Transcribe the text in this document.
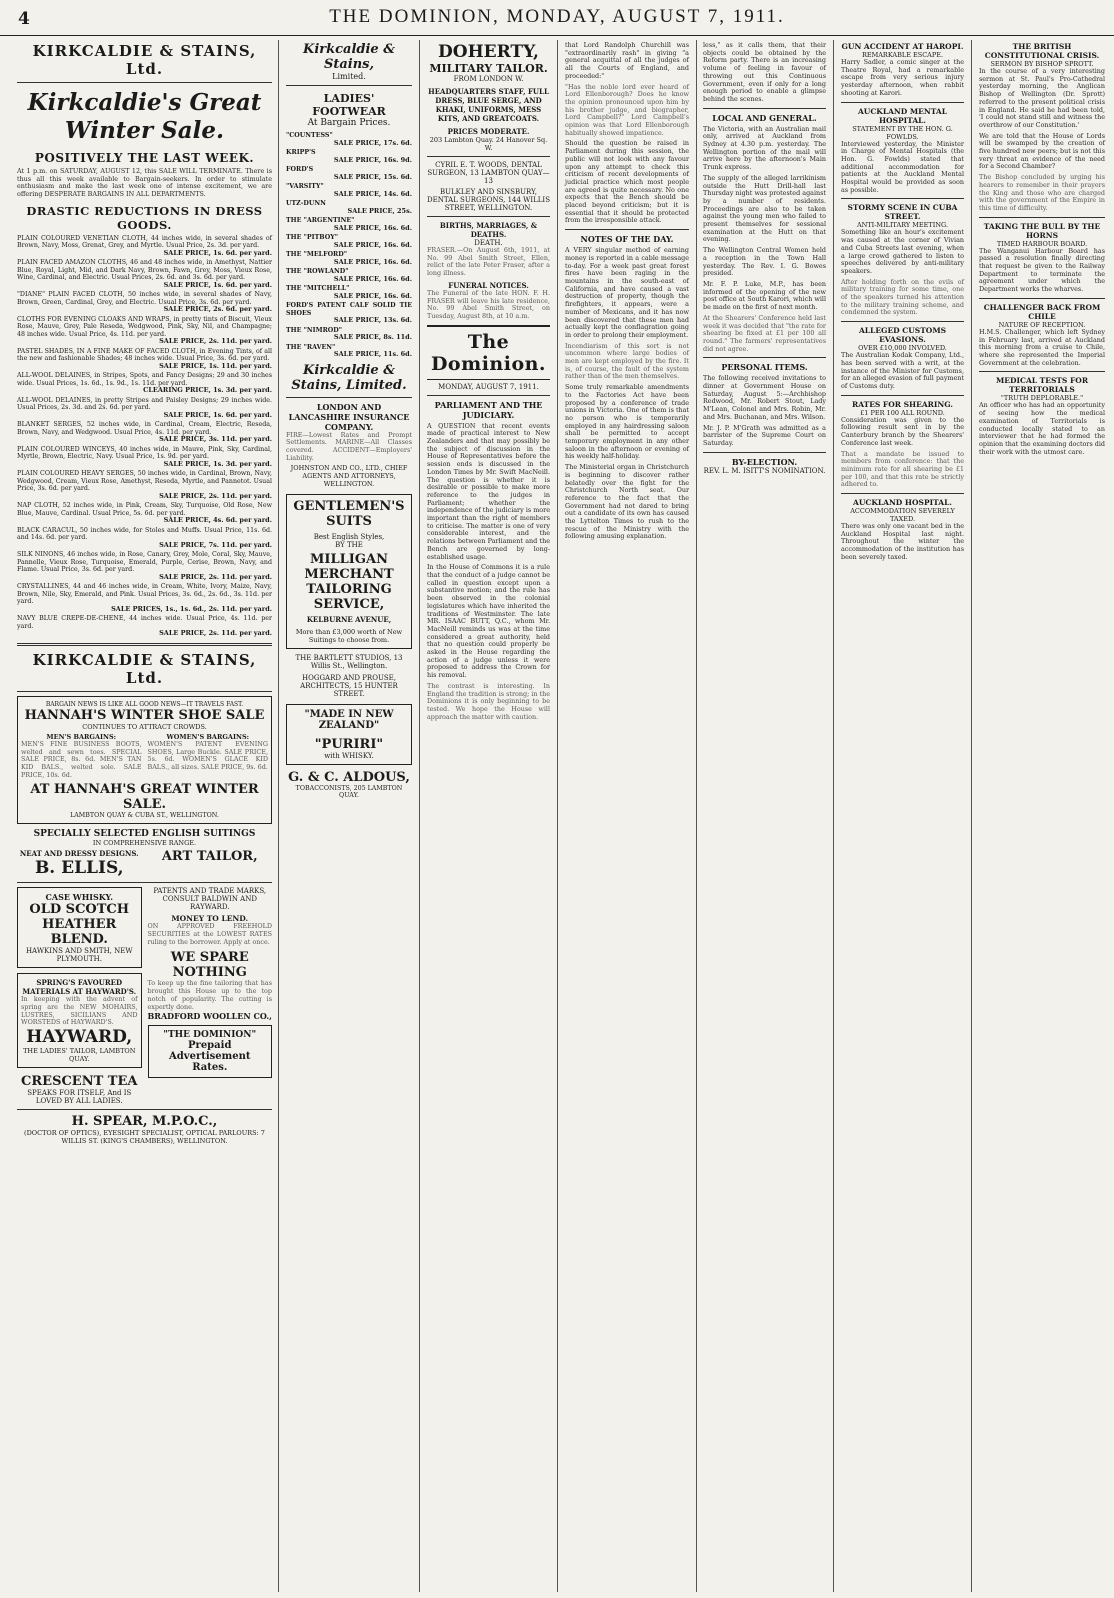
4	THE DOMINION, MONDAY, AUGUST 7, 1911.
KIRKCALDIE & STAINS, Ltd.
Kirkcaldie's Great Winter Sale.
POSITIVELY THE LAST WEEK.
At 1 p.m. on SATURDAY, AUGUST 12, this SALE WILL TERMINATE. There is thus all this week available to Bargain-seekers. In order to stimulate enthusiasm and make the last week one of intense excitement, we are offering DESPERATE BARGAINS IN ALL DEPARTMENTS.
DRASTIC REDUCTIONS IN DRESS GOODS.
PLAIN COLOURED VENETIAN CLOTH, 44 inches wide, in several shades of Brown, Navy, Moss, Grenat, Grey, and Myrtle. Usual Price, 2s. 3d. per yard.
SALE PRICE, 1s. 6d. per yard.
PLAIN FACED AMAZON CLOTHS, 46 and 48 inches wide, in Amethyst, Nattier Blue, Royal, Light, Mid, and Dark Navy, Brown, Fawn, Grey, Moss, Vieux Rose, Wine, Cardinal, and Electric. Usual Prices, 2s. 6d. and 3s. 6d. per yard.
SALE PRICE, 1s. 6d. per yard.
"DIANE" PLAIN FACED CLOTH, 50 inches wide, in several shades of Navy, Brown, Green, Cardinal, Grey, and Electric. Usual Price, 3s. 6d. per yard.
SALE PRICE, 2s. 6d. per yard.
CLOTHS FOR EVENING CLOAKS AND WRAPS, in pretty tints of Biscuit, Vieux Rose, Mauve, Grey, Pale Reseda, Wedgwood, Pink, Sky, Nil, and Champagne; 48 inches wide. Usual Price, 4s. 11d. per yard.
SALE PRICE, 2s. 11d. per yard.
PASTEL SHADES, IN A FINE MAKE OF FACED CLOTH, in Evening Tints, of all the new and fashionable Shades; 48 inches wide. Usual Price, 3s. 6d. per yard.
SALE PRICE, 1s. 11d. per yard.
ALL-WOOL DELAINES, in Stripes, Spots, and Fancy Designs; 29 and 30 inches wide. Usual Prices, 1s. 6d., 1s. 9d., 1s. 11d. per yard.
CLEARING PRICE, 1s. 3d. per yard.
ALL-WOOL DELAINES, in pretty Stripes and Paisley Designs; 29 inches wide. Usual Prices, 2s. 3d. and 2s. 6d. per yard.
SALE PRICE, 1s. 6d. per yard.
BLANKET SERGES, 52 inches wide, in Cardinal, Cream, Electric, Reseda, Brown, Navy, and Wedgwood. Usual Price, 4s. 11d. per yard.
SALE PRICE, 3s. 11d. per yard.
PLAIN COLOURED WINCEYS, 40 inches wide, in Mauve, Pink, Sky, Cardinal, Myrtle, Brown, Electric, Navy. Usual Price, 1s. 9d. per yard.
SALE PRICE, 1s. 3d. per yard.
PLAIN COLOURED HEAVY SERGES, 50 inches wide, in Cardinal, Brown, Navy, Wedgwood, Cream, Vieux Rose, Amethyst, Reseda, Myrtle, and Pannetot. Usual Price, 3s. 6d. per yard.
SALE PRICE, 2s. 11d. per yard.
NAP CLOTH, 52 inches wide, in Pink, Cream, Sky, Turquoise, Old Rose, New Blue, Mauve, Cardinal. Usual Price, 5s. 6d. per yard.
SALE PRICE, 4s. 6d. per yard.
BLACK CARACUL, 50 inches wide, for Stoles and Muffs. Usual Price, 11s. 6d. and 14s. 6d. per yard.
SALE PRICE, 7s. 11d. per yard.
SILK NINONS, 46 inches wide, in Rose, Canary, Grey, Mole, Coral, Sky, Mauve, Pannelle, Vieux Rose, Turquoise, Emerald, Purple, Cerise, Brown, Navy, and Flame. Usual Price, 3s. 6d. per yard.
SALE PRICE, 2s. 11d. per yard.
CRYSTALLINES, 44 and 46 inches wide, in Cream, White, Ivory, Maize, Navy, Brown, Nile, Sky, Emerald, and Pink. Usual Prices, 3s. 6d., 2s. 6d., 3s. 11d. per yard.
SALE PRICES, 1s., 1s. 6d., 2s. 11d. per yard.
NAVY BLUE CREPE-DE-CHENE, 44 inches wide. Usual Price, 4s. 11d. per yard.
SALE PRICE, 2s. 11d. per yard.
KIRKCALDIE & STAINS, Ltd.
BARGAIN NEWS IS LIKE ALL GOOD NEWS—IT TRAVELS FAST.
HANNAH'S WINTER SHOE SALE
CONTINUES TO ATTRACT CROWDS.
MEN'S BARGAINS:
MEN'S FINE BUSINESS BOOTS, welted and sewn toes. SPECIAL SALE PRICE, 8s. 6d. MEN'S TAN KID BALS., welted sole. SALE PRICE, 10s. 6d.
WOMEN'S BARGAINS:
WOMEN'S PATENT EVENING SHOES, Large Buckle. SALE PRICE, 5s. 6d. WOMEN'S GLACE KID BALS., all sizes. SALE PRICE, 9s. 6d.
AT HANNAH'S GREAT WINTER SALE.
LAMBTON QUAY & CUBA ST., WELLINGTON.
SPECIALLY SELECTED ENGLISH SUITINGS
IN COMPREHENSIVE RANGE.
NEAT AND DRESSY DESIGNS.
B. ELLIS,
ART TAILOR,
CASE WHISKY.
OLD SCOTCH HEATHER BLEND.
HAWKINS AND SMITH, NEW PLYMOUTH.
SPRING'S FAVOURED MATERIALS AT HAYWARD'S.
In keeping with the advent of spring are the NEW MOHAIRS, LUSTRES, SICILIANS AND WORSTEDS of HAYWARD'S.
HAYWARD,
THE LADIES' TAILOR, LAMBTON QUAY.
CRESCENT TEA
SPEAKS FOR ITSELF, And IS LOVED BY ALL LADIES.
PATENTS AND TRADE MARKS, CONSULT BALDWIN AND RAYWARD.
MONEY TO LEND.
ON APPROVED FREEHOLD SECURITIES at the LOWEST RATES ruling to the borrower. Apply at once.
WE SPARE NOTHING
To keep up the fine tailoring that has brought this House up to the top notch of popularity. The cutting is expertly done.
BRADFORD WOOLLEN CO.,
"THE DOMINION"
Prepaid Advertisement Rates.
H. SPEAR, M.P.O.C.,
(DOCTOR OF OPTICS), EYESIGHT SPECIALIST, OPTICAL PARLOURS: 7 WILLIS ST. (KING'S CHAMBERS), WELLINGTON.
Kirkcaldie & Stains,
Limited.
LADIES' FOOTWEAR
At Bargain Prices.
"COUNTESS"
SALE PRICE, 17s. 6d.
KRIPP'S
SALE PRICE, 16s. 9d.
FORD'S
SALE PRICE, 15s. 6d.
"VARSITY"
SALE PRICE, 14s. 6d.
UTZ-DUNN
SALE PRICE, 25s.
THE "ARGENTINE"
SALE PRICE, 16s. 6d.
THE "PITBOY"
SALE PRICE, 16s. 6d.
THE "MELFORD"
SALE PRICE, 16s. 6d.
THE "ROWLAND"
SALE PRICE, 16s. 6d.
THE "MITCHELL"
SALE PRICE, 16s. 6d.
FORD'S PATENT CALF SOLID TIE SHOES
SALE PRICE, 13s. 6d.
THE "NIMROD"
SALE PRICE, 8s. 11d.
THE "RAVEN"
SALE PRICE, 11s. 6d.
Kirkcaldie & Stains, Limited.
LONDON AND LANCASHIRE INSURANCE COMPANY.
FIRE—Lowest Rates and Prompt Settlements. MARINE—All Classes covered. ACCIDENT—Employers' Liability.
JOHNSTON AND CO., LTD., CHIEF AGENTS AND ATTORNEYS, WELLINGTON.
GENTLEMEN'S SUITS
Best English Styles,
BY THE
MILLIGAN MERCHANT TAILORING SERVICE,
KELBURNE AVENUE,
More than £3,000 worth of New Suitings to choose from.
THE BARTLETT STUDIOS, 13 Willis St., Wellington.
HOGGARD AND PROUSE, ARCHITECTS, 15 HUNTER STREET.
"MADE IN NEW ZEALAND"
"PURIRI"
with WHISKY.
G. & C. ALDOUS,
TOBACCONISTS, 205 LAMBTON QUAY.
DOHERTY,
MILITARY TAILOR.
FROM LONDON W.
HEADQUARTERS STAFF, FULL DRESS, BLUE SERGE, AND KHAKI, UNIFORMS, MESS KITS, AND GREATCOATS.
PRICES MODERATE.
203 Lambton Quay. 24 Hanover Sq. W.
CYRIL E. T. WOODS, DENTAL SURGEON, 13 LAMBTON QUAY—13
BULKLEY AND SINSBURY, DENTAL SURGEONS, 144 WILLIS STREET, WELLINGTON.
BIRTHS, MARRIAGES, & DEATHS.
DEATH.
FRASER.—On August 6th, 1911, at No. 99 Abel Smith Street, Ellen, relict of the late Peter Fraser, after a long illness.
FUNERAL NOTICES.
The Funeral of the late HON. F. H. FRASER will leave his late residence, No. 99 Abel Smith Street, on Tuesday, August 8th, at 10 a.m.
The Dominion.
MONDAY, AUGUST 7, 1911.
PARLIAMENT AND THE JUDICIARY.
A QUESTION that recent events made of practical interest to New Zealanders and that may possibly be the subject of discussion in the House of Representatives before the session ends is discussed in the London Times by Mr. Swift MacNeill. The question is whether it is desirable or possible to make more reference to the judges in Parliament; whether the independence of the judiciary is more important than the right of members to criticise. The matter is one of very considerable interest, and the relations between Parliament and the Bench are governed by long-established usage.
In the House of Commons it is a rule that the conduct of a judge cannot be called in question except upon a substantive motion; and the rule has been observed in the colonial legislatures which have inherited the traditions of Westminster. The late MR. ISAAC BUTT, Q.C., whom Mr. MacNeill reminds us was at the time considered a great authority, held that no question could properly be asked in the House regarding the action of a judge unless it were proposed to address the Crown for his removal.
The contrast is interesting. In England the tradition is strong; in the Dominions it is only beginning to be tested. We hope the House will approach the matter with caution.
that Lord Randolph Churchill was "extraordinarily rash" in giving "a general acquittal of all the judges of all the Courts of England, and proceeded:"
"Has the noble lord ever heard of Lord Ellenborough? Does he know the opinion pronounced upon him by his brother judge, and biographer, Lord Campbell?" Lord Campbell's opinion was that Lord Ellenborough habitually showed impatience.
Should the question be raised in Parliament during this session, the public will not look with any favour upon any attempt to check this criticism of recent developments of judicial practice which most people are agreed is quite necessary. No one expects that the Bench should be placed beyond criticism; but it is essential that it should be protected from the irresponsible attack.
NOTES OF THE DAY.
A VERY singular method of earning money is reported in a cable message to-day. For a week past great forest fires have been raging in the mountains in the south-east of California, and have caused a vast destruction of property, though the firefighters, it appears, were a number of Mexicans, and it has now been discovered that these men had actually kept the conflagration going in order to prolong their employment.
Incendiarism of this sort is not uncommon where large bodies of men are kept employed by the fire. It is, of course, the fault of the system rather than of the men themselves.
Some truly remarkable amendments to the Factories Act have been proposed by a conference of trade unions in Victoria. One of them is that no person who is temporarily employed in any hairdressing saloon shall be permitted to accept temporary employment in any other saloon in the afternoon or evening of his weekly half-holiday.
The Ministerial organ in Christchurch is beginning to discover rather belatedly over the fight for the Christchurch North seat. Our reference to the fact that the Government had not dared to bring out a candidate of its own has caused the Lyttelton Times to rush to the rescue of the Ministry with the following amusing explanation.
less," as it calls them, that their objects could be obtained by the Reform party. There is an increasing volume of feeling in favour of throwing out this Continuous Government, even if only for a long enough period to enable a glimpse behind the scenes.
LOCAL AND GENERAL.
The Victoria, with an Australian mail only, arrived at Auckland from Sydney at 4.30 p.m. yesterday. The Wellington portion of the mail will arrive here by the afternoon's Main Trunk express.
The supply of the alleged larrikinism outside the Hutt Drill-hall last Thursday night was protested against by a number of residents. Proceedings are also to be taken against the young men who failed to present themselves for sessional examination at the Hutt on that evening.
The Wellington Central Women held a reception in the Town Hall yesterday. The Rev. I. G. Bowes presided.
Mr. F. P. Luke, M.P., has been informed of the opening of the new post office at South Karori, which will be made on the first of next month.
At the Shearers' Conference held last week it was decided that "the rate for shearing be fixed at £1 per 100 all round." The farmers' representatives did not agree.
PERSONAL ITEMS.
The following received invitations to dinner at Government House on Saturday, August 5:—Archbishop Redwood, Mr. Robert Stout, Lady M'Lean, Colonel and Mrs. Robin, Mr. and Mrs. Buchanan, and Mrs. Wilson.
Mr. J. P. M'Grath was admitted as a barrister of the Supreme Court on Saturday.
BY-ELECTION.
REV. L. M. ISITT'S NOMINATION.
GUN ACCIDENT AT HAROPI.
REMARKABLE ESCAPE.
Harry Sadler, a comic singer at the Theatre Royal, had a remarkable escape from very serious injury yesterday afternoon, when rabbit shooting at Karori.
AUCKLAND MENTAL HOSPITAL.
STATEMENT BY THE HON. G. FOWLDS.
Interviewed yesterday, the Minister in Charge of Mental Hospitals (the Hon. G. Fowlds) stated that additional accommodation for patients at the Auckland Mental Hospital would be provided as soon as possible.
STORMY SCENE IN CUBA STREET.
ANTI-MILITARY MEETING.
Something like an hour's excitement was caused at the corner of Vivian and Cuba Streets last evening, when a large crowd gathered to listen to speeches delivered by anti-military speakers.
After holding forth on the evils of military training for some time, one of the speakers turned his attention to the military training scheme, and condemned the system.
ALLEGED CUSTOMS EVASIONS.
OVER £10,000 INVOLVED.
The Australian Kodak Company, Ltd., has been served with a writ, at the instance of the Minister for Customs, for an alleged evasion of full payment of Customs duty.
RATES FOR SHEARING.
£1 PER 100 ALL ROUND.
Consideration was given to the following result sent in by the Canterbury branch by the Shearers' Conference last week.
That a mandate be issued to members from conference: that the minimum rate for all shearing be £1 per 100, and that this rate be strictly adhered to.
AUCKLAND HOSPITAL.
ACCOMMODATION SEVERELY TAXED.
There was only one vacant bed in the Auckland Hospital last night. Throughout the winter the accommodation of the institution has been severely taxed.
THE BRITISH CONSTITUTIONAL CRISIS.
SERMON BY BISHOP SPROTT.
In the course of a very interesting sermon at St. Paul's Pro-Cathedral yesterday morning, the Anglican Bishop of Wellington (Dr. Sprott) referred to the present political crisis in England. He said he had been told, 'I could not stand still and witness the overthrow of our Constitution.'
We are told that the House of Lords will be swamped by the creation of five hundred new peers; but is not this very threat an evidence of the need for a Second Chamber?
The Bishop concluded by urging his hearers to remember in their prayers the King and those who are charged with the government of the Empire in this time of difficulty.
TAKING THE BULL BY THE HORNS
TIMED HARBOUR BOARD.
The Wanganui Harbour Board has passed a resolution finally directing that request be given to the Railway Department to terminate the agreement under which the Department works the wharves.
CHALLENGER BACK FROM CHILE
NATURE OF RECEPTION.
H.M.S. Challenger, which left Sydney in February last, arrived at Auckland this morning from a cruise to Chile, where she represented the Imperial Government at the celebration.
MEDICAL TESTS FOR TERRITORIALS
"TRUTH DEPLORABLE."
An officer who has had an opportunity of seeing how the medical examination of Territorials is conducted locally stated to an interviewer that he had formed the opinion that the examining doctors did their work with the utmost care.
